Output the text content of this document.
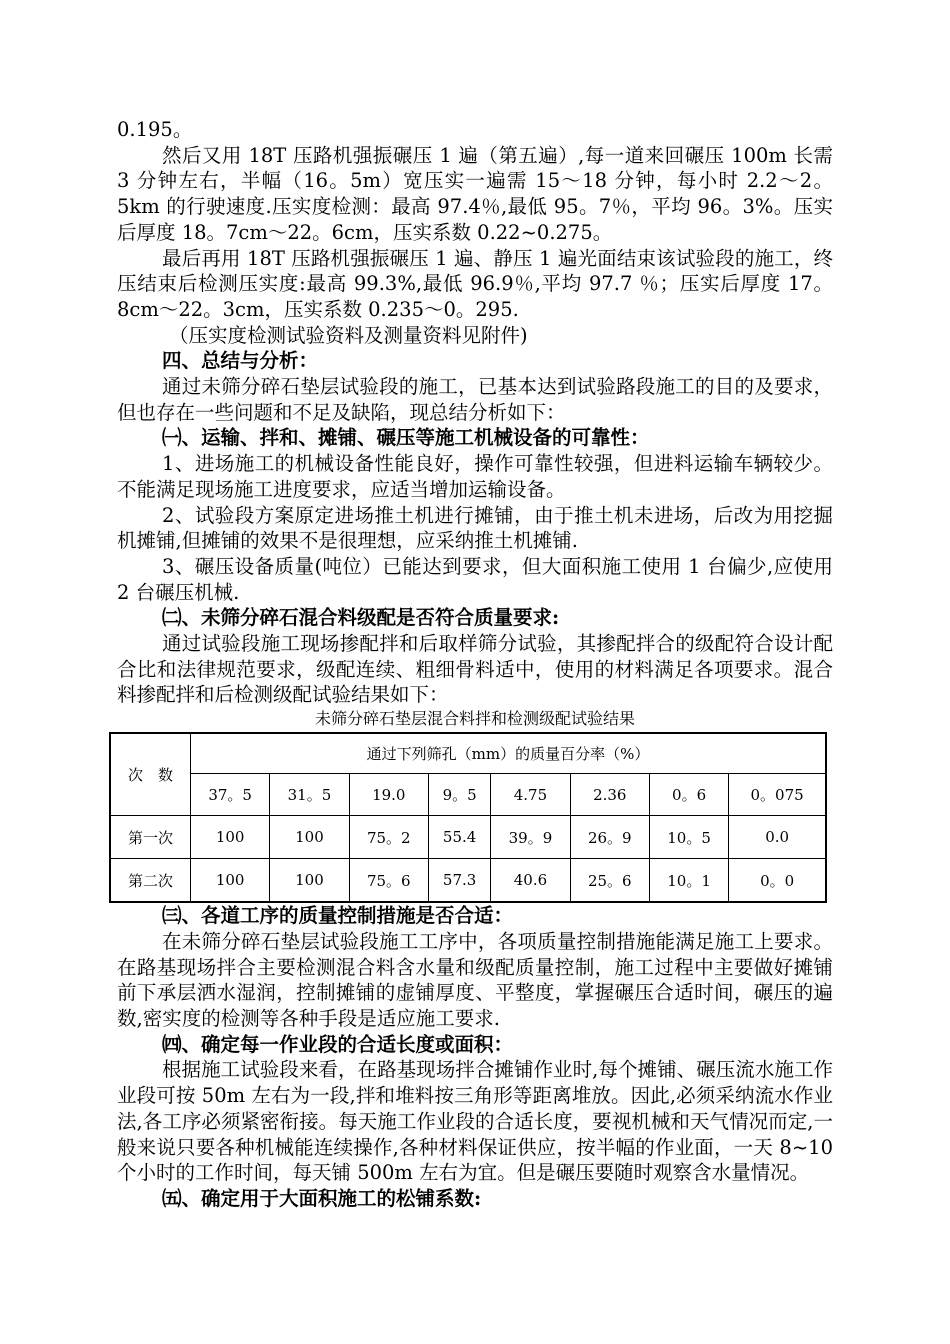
0.195。

然后又用 18T 压路机强振碾压 1 遍（第五遍）,每一道来回碾压 100m 长需 3 分钟左右，半幅（16。5m）宽压实一遍需 15～18 分钟，每小时 2.2～2。5km 的行驶速度.压实度检测：最高 97.4％,最低 95。7％，平均 96。3%。压实后厚度 18。7cm～22。6cm，压实系数 0.22~0.275。

最后再用 18T 压路机强振碾压 1 遍、静压 1 遍光面结束该试验段的施工，终压结束后检测压实度:最高 99.3%,最低 96.9％,平均 97.7 ％；压实后厚度 17。8cm～22。3cm，压实系数 0.235～0。295.

（压实度检测试验资料及测量资料见附件)

四、总结与分析：

通过未筛分碎石垫层试验段的施工，已基本达到试验路段施工的目的及要求，但也存在一些问题和不足及缺陷，现总结分析如下：

㈠、运输、拌和、摊铺、碾压等施工机械设备的可靠性：

1、进场施工的机械设备性能良好，操作可靠性较强，但进料运输车辆较少。不能满足现场施工进度要求，应适当增加运输设备。

2、试验段方案原定进场推土机进行摊铺，由于推土机未进场，后改为用挖掘机摊铺,但摊铺的效果不是很理想，应采纳推土机摊铺.

3、碾压设备质量(吨位）已能达到要求，但大面积施工使用 1 台偏少,应使用 2 台碾压机械.

㈡、未筛分碎石混合料级配是否符合质量要求:

通过试验段施工现场掺配拌和后取样筛分试验，其掺配拌合的级配符合设计配合比和法律规范要求，级配连续、粗细骨料适中，使用的材料满足各项要求。混合料掺配拌和后检测级配试验结果如下：

未筛分碎石垫层混合料拌和检测级配试验结果
次　数	通过下列筛孔（mm）的质量百分率（%）							
	37。5	31。5	19.0	9。5	4.75	2.36	0。6	0。075
第一次	100	100	75。2	55.4	39。9	26。9	10。5	0.0
第二次	100	100	75。6	57.3	40.6	25。6	10。1	0。0

㈢、各道工序的质量控制措施是否合适：

在未筛分碎石垫层试验段施工工序中，各项质量控制措施能满足施工上要求。在路基现场拌合主要检测混合料含水量和级配质量控制，施工过程中主要做好摊铺前下承层洒水湿润，控制摊铺的虚铺厚度、平整度，掌握碾压合适时间，碾压的遍数,密实度的检测等各种手段是适应施工要求.

㈣、确定每一作业段的合适长度或面积：

根据施工试验段来看，在路基现场拌合摊铺作业时,每个摊铺、碾压流水施工作业段可按 50m 左右为一段,拌和堆料按三角形等距离堆放。因此,必须采纳流水作业法,各工序必须紧密衔接。每天施工作业段的合适长度，要视机械和天气情况而定,一般来说只要各种机械能连续操作,各种材料保证供应，按半幅的作业面，一天 8~10 个小时的工作时间，每天铺 500m 左右为宜。但是碾压要随时观察含水量情况。

㈤、确定用于大面积施工的松铺系数:
